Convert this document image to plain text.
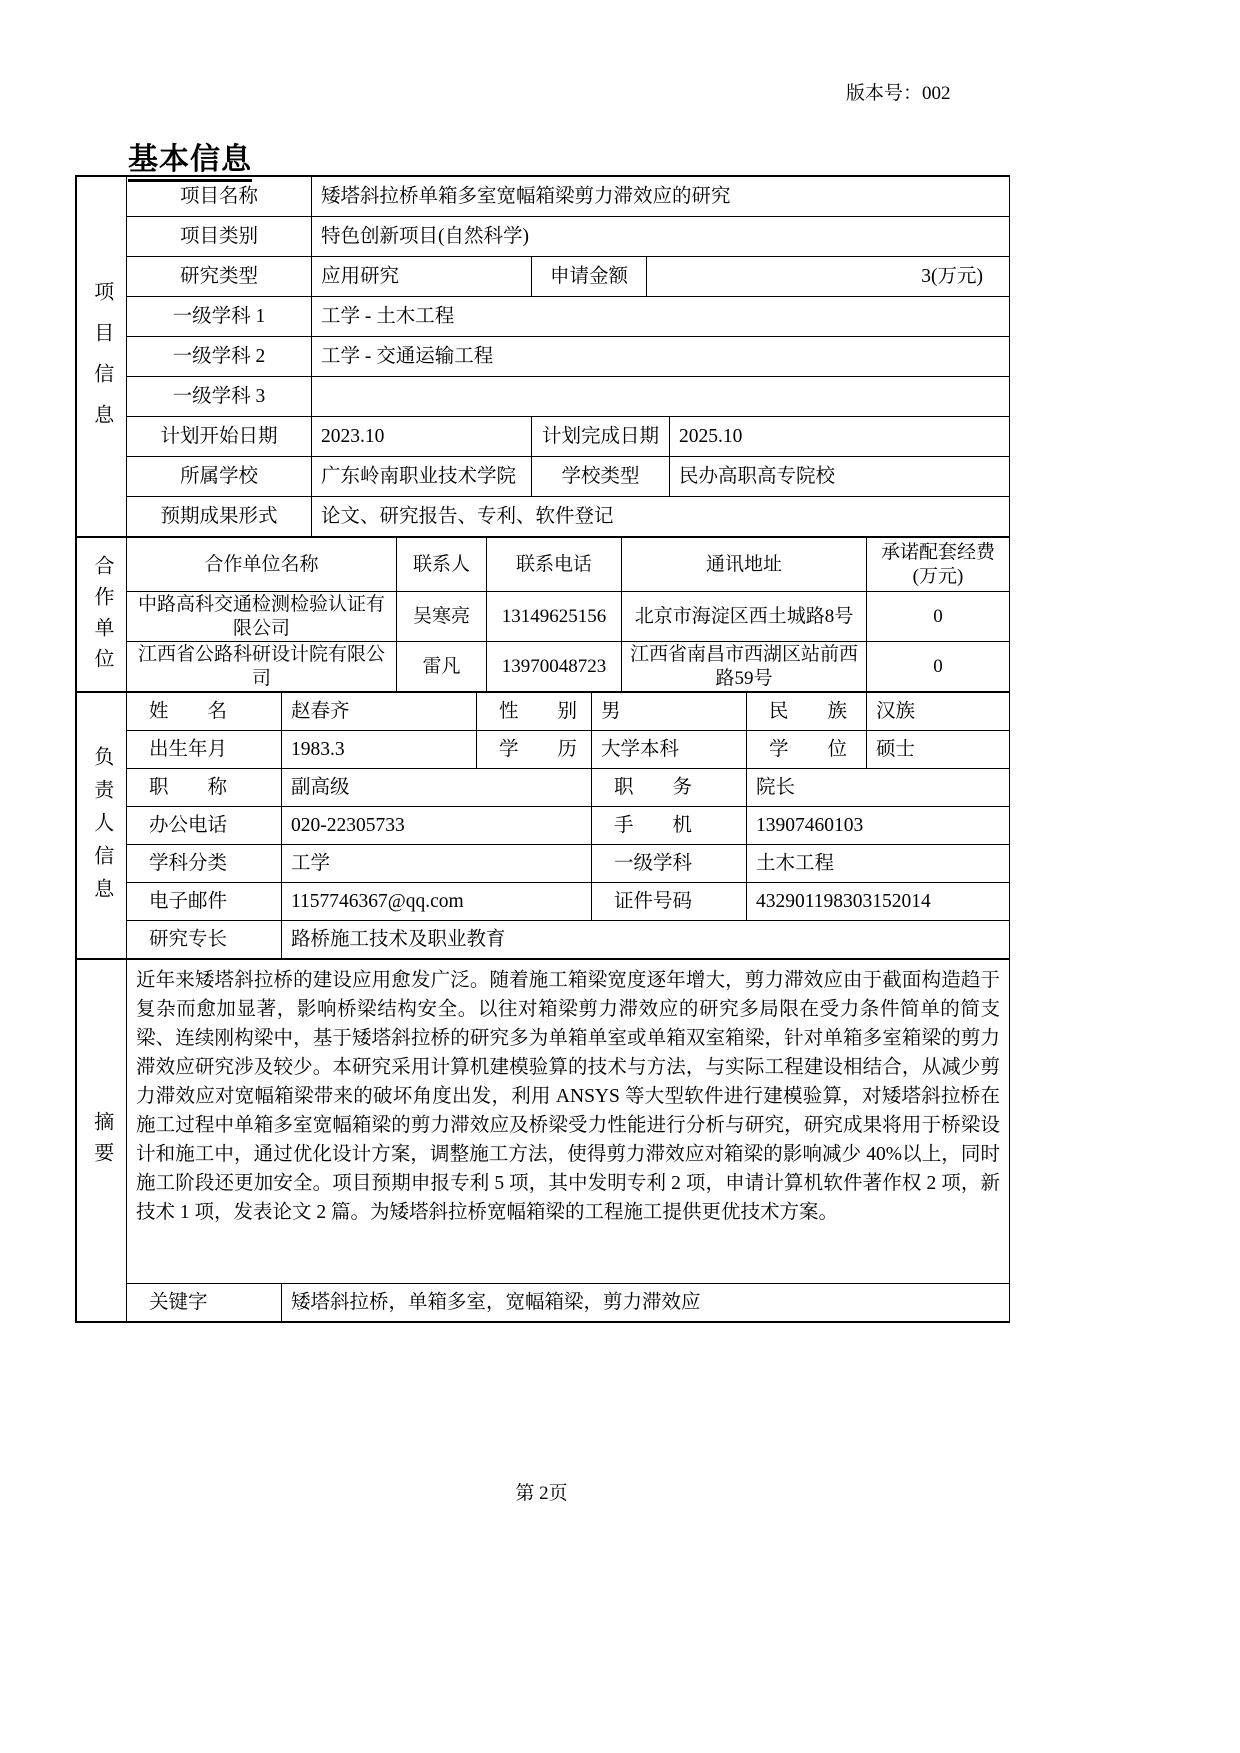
版本号：002
基本信息
项目信息	项目名称	矮塔斜拉桥单箱多室宽幅箱梁剪力滞效应的研究			
	项目类别	特色创新项目(自然科学)			
	研究类型	应用研究	申请金额	3(万元)	
	一级学科 1	工学 - 土木工程			
	一级学科 2	工学 - 交通运输工程			
	一级学科 3				
	计划开始日期	2023.10	计划完成日期		2025.10
	所属学校	广东岭南职业技术学院	学校类型		民办高职高专院校
	预期成果形式	论文、研究报告、专利、软件登记			
合作单位	合作单位名称	联系人	联系电话	通讯地址	承诺配套经费(万元)
	中路高科交通检测检验认证有限公司	吴寒亮	13149625156	北京市海淀区西土城路8号	0
	江西省公路科研设计院有限公司	雷凡	13970048723	江西省南昌市西湖区站前西路59号	0
负责人信息	姓　　名	赵春齐	性　　别	男	民　　族	汉族
	出生年月	1983.3	学　　历	大学本科	学　　位	硕士
	职　　称	副高级		职　　务	院长	
	办公电话	020-22305733		手　　机	13907460103	
	学科分类	工学		一级学科	土木工程	
	电子邮件	1157746367@qq.com		证件号码	432901198303152014	
	研究专长	路桥施工技术及职业教育				
摘要	近年来矮塔斜拉桥的建设应用愈发广泛。随着施工箱梁宽度逐年增大，剪力滞效应由于截面构造趋于复杂而愈加显著，影响桥梁结构安全。以往对箱梁剪力滞效应的研究多局限在受力条件简单的简支梁、连续刚构梁中，基于矮塔斜拉桥的研究多为单箱单室或单箱双室箱梁，针对单箱多室箱梁的剪力滞效应研究涉及较少。本研究采用计算机建模验算的技术与方法，与实际工程建设相结合，从减少剪力滞效应对宽幅箱梁带来的破坏角度出发，利用 ANSYS 等大型软件进行建模验算，对矮塔斜拉桥在施工过程中单箱多室宽幅箱梁的剪力滞效应及桥梁受力性能进行分析与研究，研究成果将用于桥梁设计和施工中，通过优化设计方案，调整施工方法，使得剪力滞效应对箱梁的影响减少 40%以上，同时施工阶段还更加安全。项目预期申报专利 5 项，其中发明专利 2 项，申请计算机软件著作权 2 项，新技术 1 项，发表论文 2 篇。为矮塔斜拉桥宽幅箱梁的工程施工提供更优技术方案。	
	关键字	矮塔斜拉桥，单箱多室，宽幅箱梁，剪力滞效应
第 2页
